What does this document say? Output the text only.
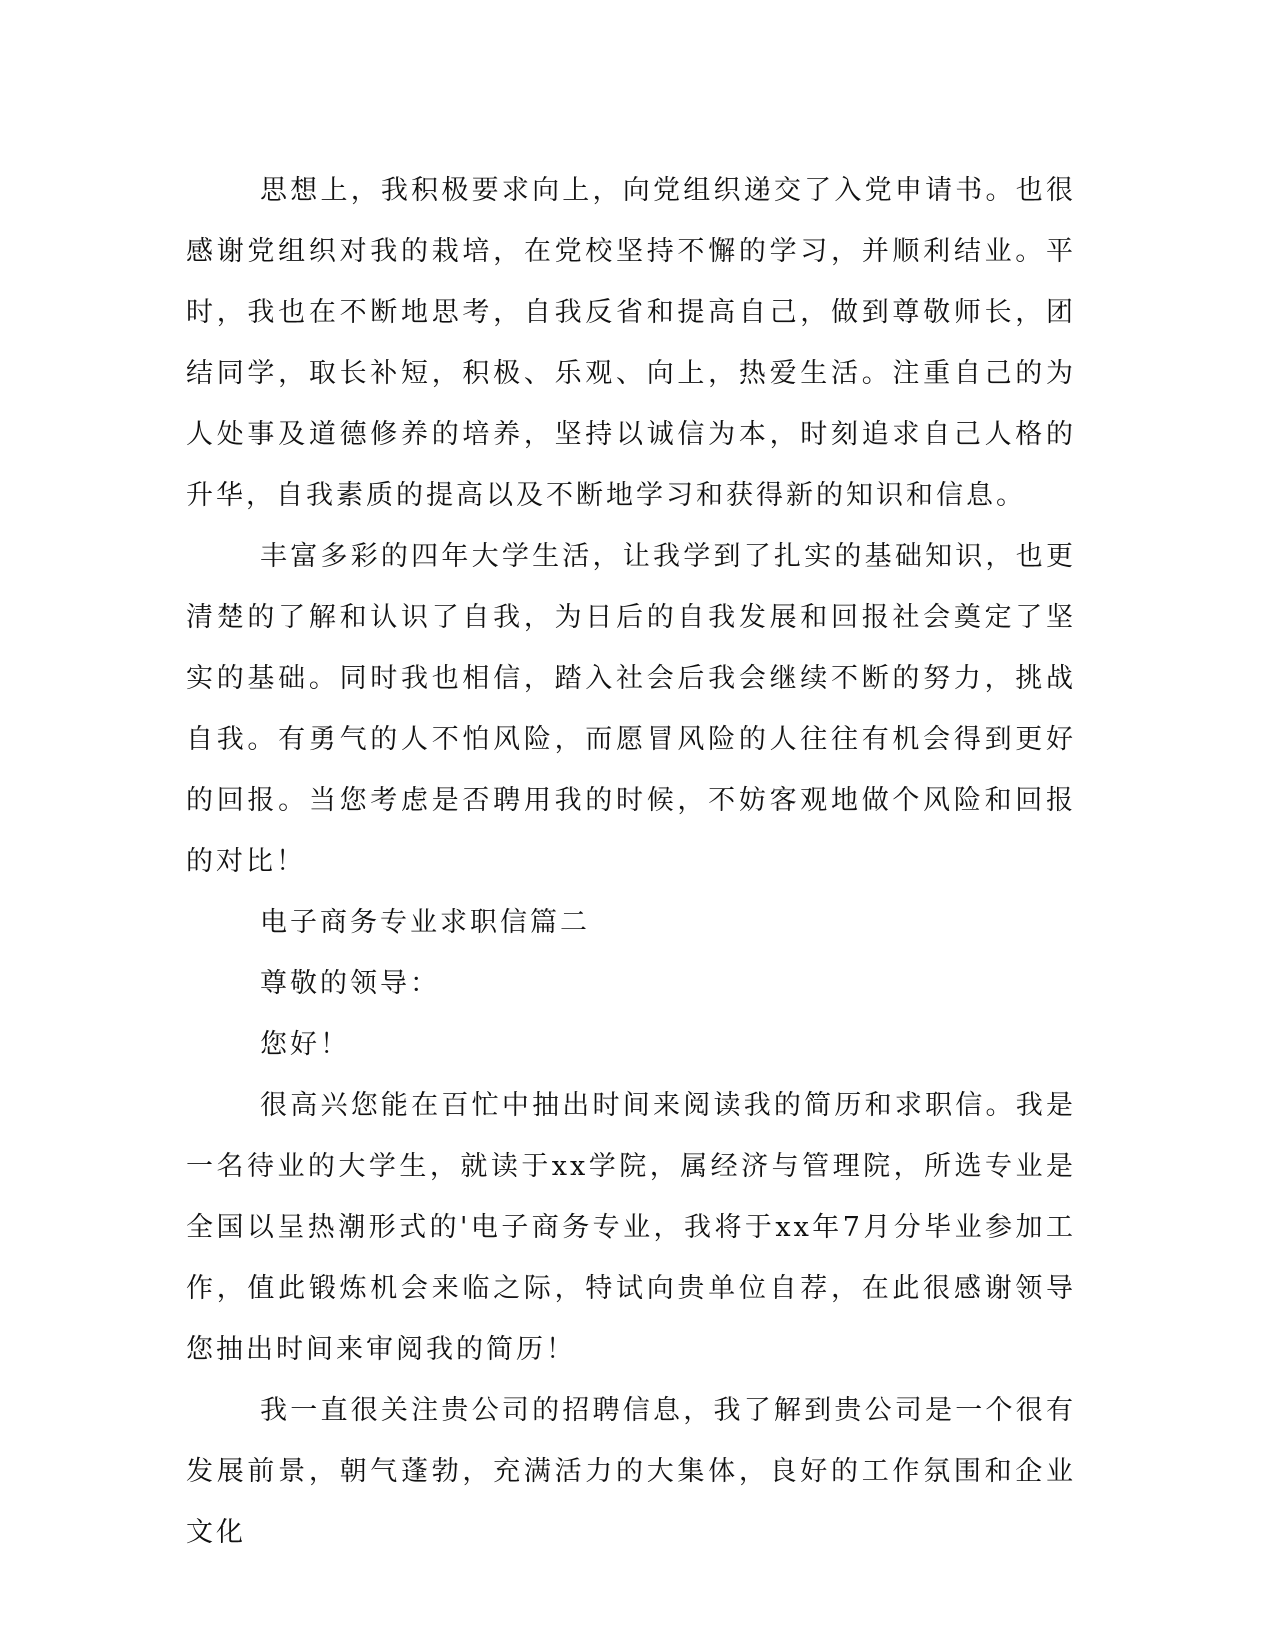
思想上，我积极要求向上，向党组织递交了入党申请书。也很感谢党组织对我的栽培，在党校坚持不懈的学习，并顺利结业。平时，我也在不断地思考，自我反省和提高自己，做到尊敬师长，团结同学，取长补短，积极、乐观、向上，热爱生活。注重自己的为人处事及道德修养的培养，坚持以诚信为本，时刻追求自己人格的升华，自我素质的提高以及不断地学习和获得新的知识和信息。

丰富多彩的四年大学生活，让我学到了扎实的基础知识，也更清楚的了解和认识了自我，为日后的自我发展和回报社会奠定了坚实的基础。同时我也相信，踏入社会后我会继续不断的努力，挑战自我。有勇气的人不怕风险，而愿冒风险的人往往有机会得到更好的回报。当您考虑是否聘用我的时候，不妨客观地做个风险和回报的对比！

电子商务专业求职信篇二

尊敬的领导：

您好！

很高兴您能在百忙中抽出时间来阅读我的简历和求职信。我是一名待业的大学生，就读于xx学院，属经济与管理院，所选专业是全国以呈热潮形式的'电子商务专业，我将于xx年7月分毕业参加工作，值此锻炼机会来临之际，特试向贵单位自荐，在此很感谢领导您抽出时间来审阅我的简历！

我一直很关注贵公司的招聘信息，我了解到贵公司是一个很有发展前景，朝气蓬勃，充满活力的大集体，良好的工作氛围和企业文化
